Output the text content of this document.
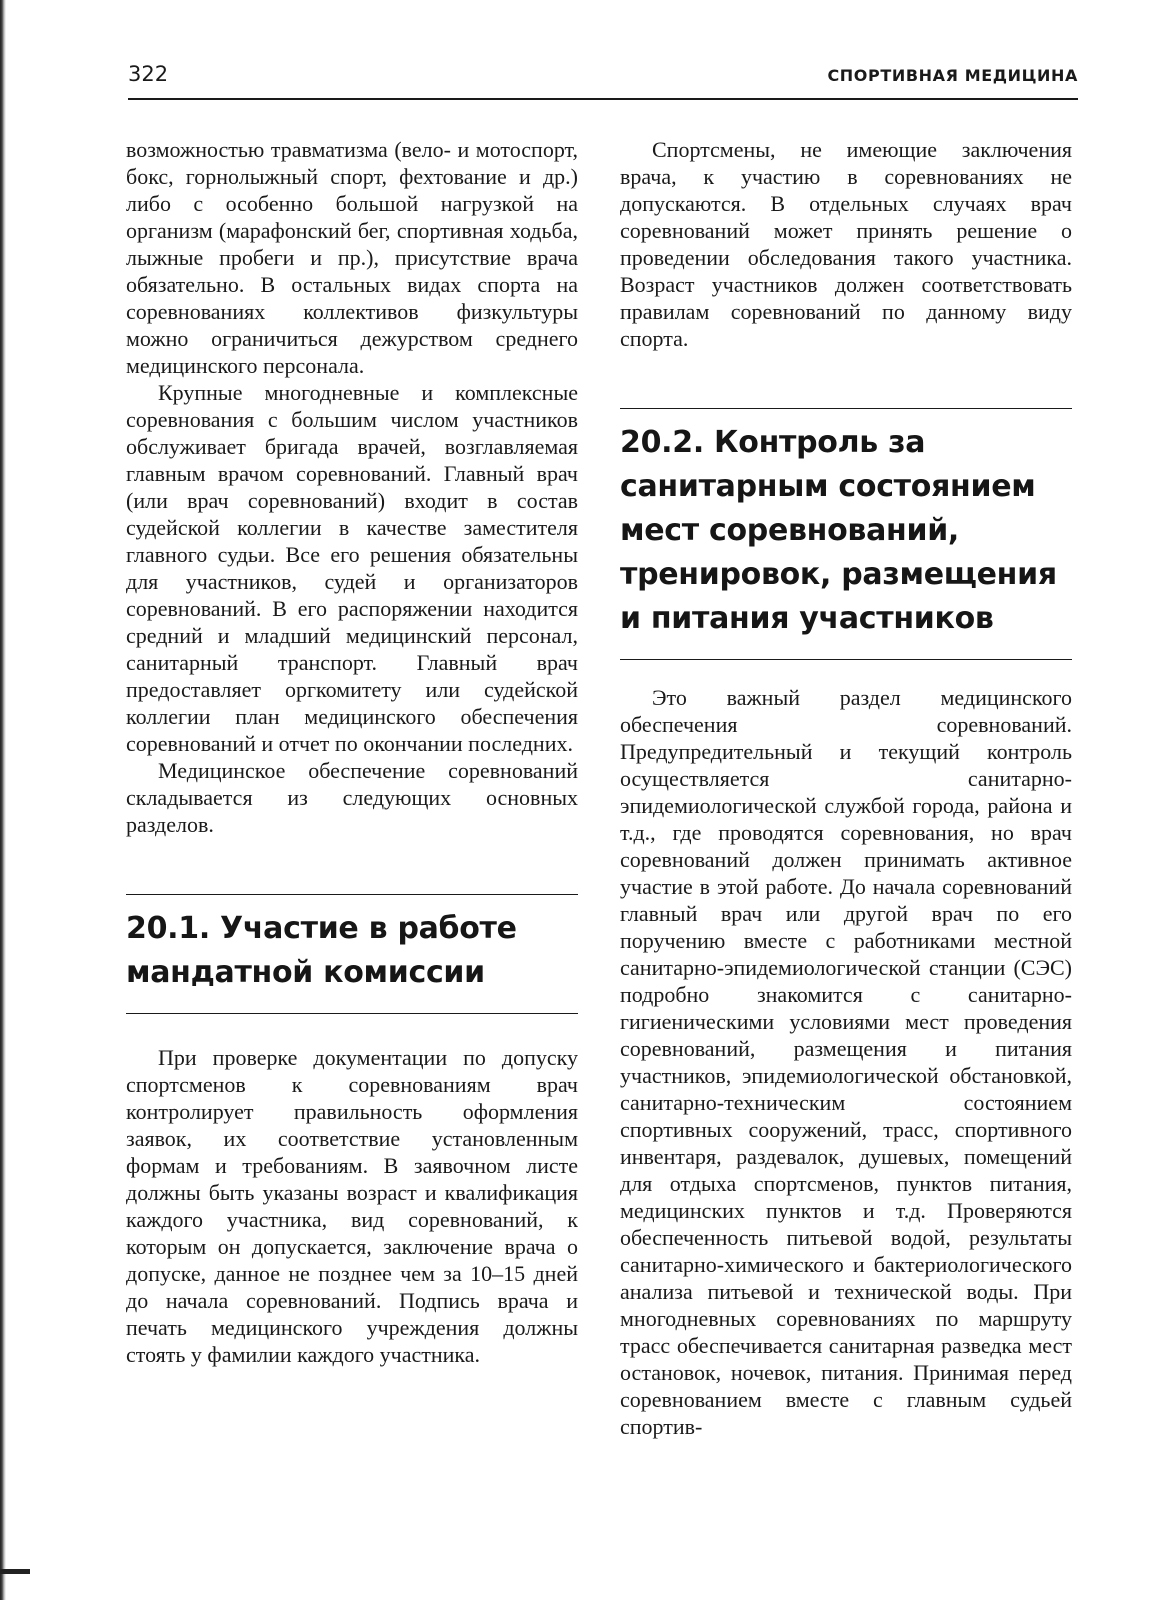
322	СПОРТИВНАЯ МЕДИЦИНА

возможностью травматизма (вело- и мотоспорт, бокс, горнолыжный спорт, фехтование и др.) либо с особенно большой нагрузкой на организм (марафонский бег, спортивная ходьба, лыжные пробеги и пр.), присутствие врача обязательно. В остальных видах спорта на соревнованиях коллективов физкультуры можно ограничиться дежурством среднего медицинского персонала.

Крупные многодневные и комплексные соревнования с большим числом участников обслуживает бригада врачей, возглавляемая главным врачом соревнований. Главный врач (или врач соревнований) входит в состав судейской коллегии в качестве заместителя главного судьи. Все его решения обязательны для участников, судей и организаторов соревнований. В его распоряжении находится средний и младший медицинский персонал, санитарный транспорт. Главный врач предоставляет оргкомитету или судейской коллегии план медицинского обеспечения соревнований и отчет по окончании последних.

Медицинское обеспечение соревнований складывается из следующих основных разделов.

20.1. Участие в работе мандатной комиссии

При проверке документации по допуску спортсменов к соревнованиям врач контролирует правильность оформления заявок, их соответствие установленным формам и требованиям. В заявочном листе должны быть указаны возраст и квалификация каждого участника, вид соревнований, к которым он допускается, заключение врача о допуске, данное не позднее чем за 10–15 дней до начала соревнований. Подпись врача и печать медицинского учреждения должны стоять у фамилии каждого участника.

Спортсмены, не имеющие заключения врача, к участию в соревнованиях не допускаются. В отдельных случаях врач соревнований может принять решение о проведении обследования такого участника. Возраст участников должен соответствовать правилам соревнований по данному виду спорта.

20.2. Контроль за санитарным состоянием мест соревнований, тренировок, размещения и питания участников

Это важный раздел медицинского обеспечения соревнований. Предупредительный и текущий контроль осуществляется санитарно-эпидемиологической службой города, района и т.д., где проводятся соревнования, но врач соревнований должен принимать активное участие в этой работе. До начала соревнований главный врач или другой врач по его поручению вместе с работниками местной санитарно-эпидемиологической станции (СЭС) подробно знакомится с санитарно-гигиеническими условиями мест проведения соревнований, размещения и питания участников, эпидемиологической обстановкой, санитарно-техническим состоянием спортивных сооружений, трасс, спортивного инвентаря, раздевалок, душевых, помещений для отдыха спортсменов, пунктов питания, медицинских пунктов и т.д. Проверяются обеспеченность питьевой водой, результаты санитарно-химического и бактериологического анализа питьевой и технической воды. При многодневных соревнованиях по маршруту трасс обеспечивается санитарная разведка мест остановок, ночевок, питания. Принимая перед соревнованием вместе с главным судьей спортив-
